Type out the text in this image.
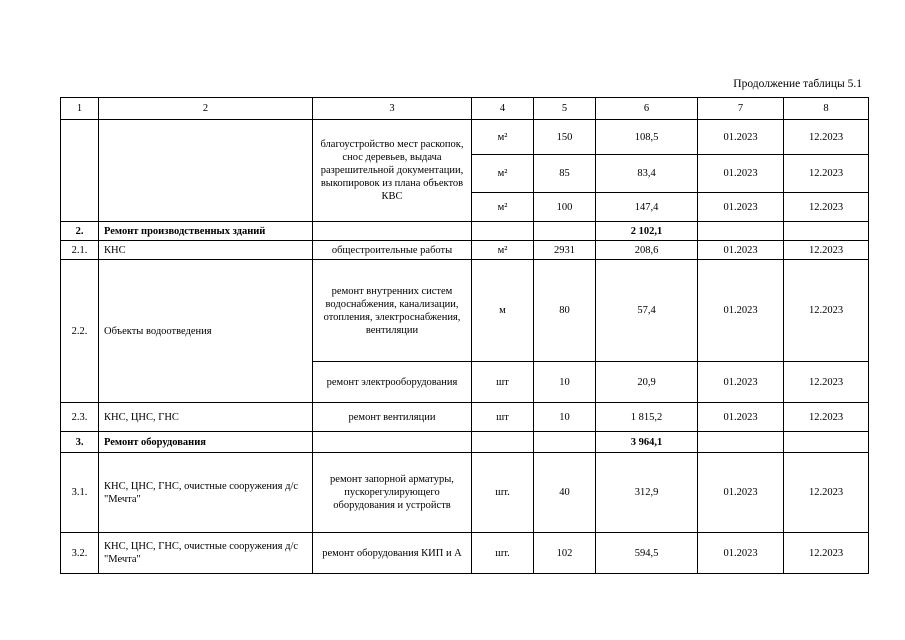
Продолжение таблицы 5.1
1	2	3	4	5	6	7	8
		благоустройство мест раскопок, снос деревьев, выдача разрешительной документации, выкопировок из плана объектов КВС	м²	150	108,5	01.2023	12.2023
			м²	85	83,4	01.2023	12.2023
			м²	100	147,4	01.2023	12.2023
2.	Ремонт производственных зданий				2 102,1		
2.1.	КНС	общестроительные работы	м²	2931	208,6	01.2023	12.2023
2.2.	Объекты водоотведения	ремонт внутренних систем водоснабжения, канализации, отопления, электроснабжения, вентиляции	м	80	57,4	01.2023	12.2023
		ремонт электрооборудования	шт	10	20,9	01.2023	12.2023
2.3.	КНС, ЦНС, ГНС	ремонт вентиляции	шт	10	1 815,2	01.2023	12.2023
3.	Ремонт оборудования				3 964,1		
3.1.	КНС, ЦНС, ГНС, очистные сооружения д/с "Мечта"	ремонт запорной арматуры, пускорегулирующего оборудования и устройств	шт.	40	312,9	01.2023	12.2023
3.2.	КНС, ЦНС, ГНС, очистные сооружения д/с "Мечта"	ремонт оборудования КИП и А	шт.	102	594,5	01.2023	12.2023
